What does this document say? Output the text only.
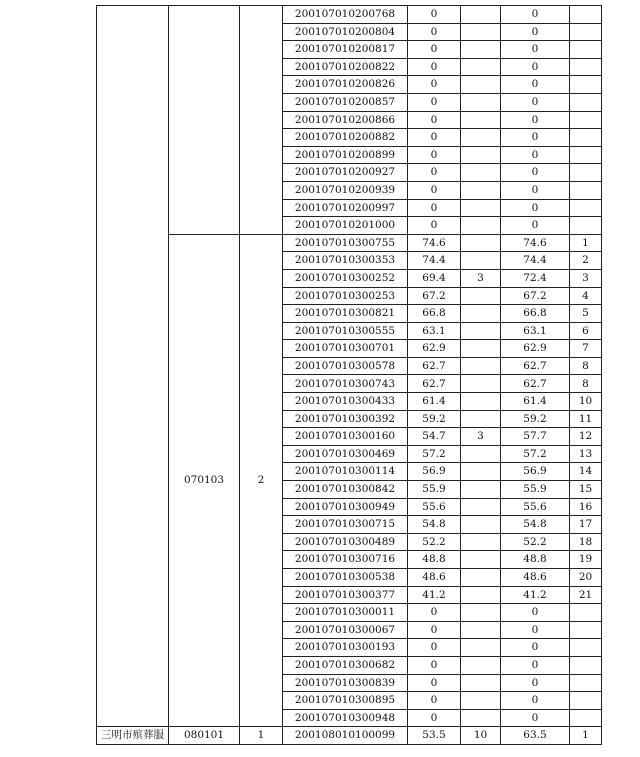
			200107010200768	0		0	
			200107010200804	0		0	
			200107010200817	0		0	
			200107010200822	0		0	
			200107010200826	0		0	
			200107010200857	0		0	
			200107010200866	0		0	
			200107010200882	0		0	
			200107010200899	0		0	
			200107010200927	0		0	
			200107010200939	0		0	
			200107010200997	0		0	
			200107010201000	0		0	
	070103	2	200107010300755	74.6		74.6	1
			200107010300353	74.4		74.4	2
			200107010300252	69.4	3	72.4	3
			200107010300253	67.2		67.2	4
			200107010300821	66.8		66.8	5
			200107010300555	63.1		63.1	6
			200107010300701	62.9		62.9	7
			200107010300578	62.7		62.7	8
			200107010300743	62.7		62.7	8
			200107010300433	61.4		61.4	10
			200107010300392	59.2		59.2	11
			200107010300160	54.7	3	57.7	12
			200107010300469	57.2		57.2	13
			200107010300114	56.9		56.9	14
			200107010300842	55.9		55.9	15
			200107010300949	55.6		55.6	16
			200107010300715	54.8		54.8	17
			200107010300489	52.2		52.2	18
			200107010300716	48.8		48.8	19
			200107010300538	48.6		48.6	20
			200107010300377	41.2		41.2	21
			200107010300011	0		0	
			200107010300067	0		0	
			200107010300193	0		0	
			200107010300682	0		0	
			200107010300839	0		0	
			200107010300895	0		0	
			200107010300948	0		0	
三明市殡葬服	080101	1	200108010100099	53.5	10	63.5	1
